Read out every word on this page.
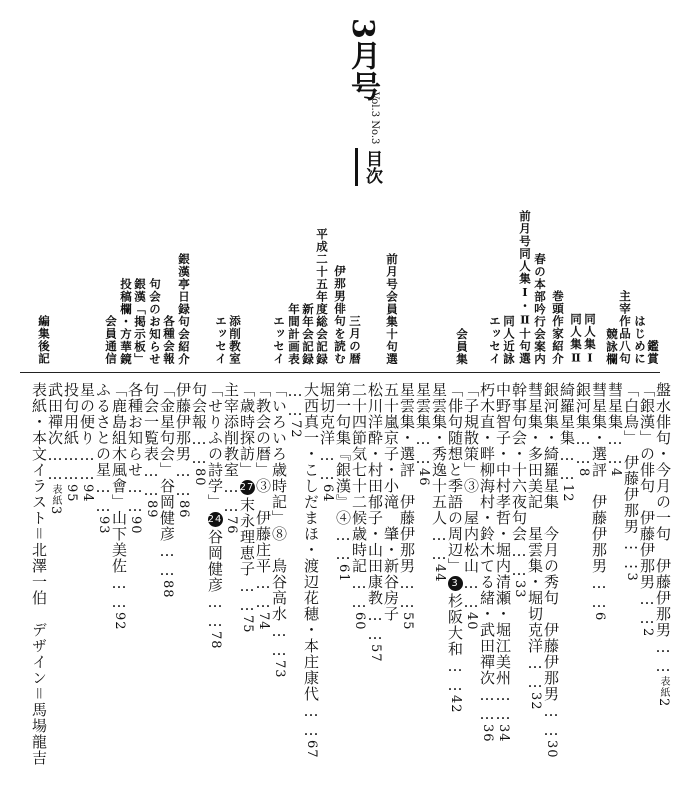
3月号
Vol.3 No.3
目次
鑑賞
はじめに
主宰作品八句
競詠欄
同人集Ⅰ
同人集Ⅱ
巻頭作家紹介
春の本部吟行会案内
前月号同人集Ⅰ・Ⅱ十句選
同人近詠
エッセイ
会員集
前月号会員集十句選
三月の暦
伊那男俳句を読む
平成二十五年度総会記録
新年会記録
年間計画表
エッセイ
添削教室
エッセイ
銀漢亭日録句会紹介
各種会報
句会のお知らせ
銀漢「掲示板」
投稿欄・方華鏡
会員通信
編集後記
盤水俳句・今月の一句　伊藤伊那男……表紙2
「銀漢」の俳句　伊藤伊那男……2
「白鳥」　伊藤伊那男……3
彗星集……4
彗星集・選評　伊藤伊那男……6
銀河集……8
綺羅星集……12
銀河集・綺羅星集　今月の秀句　伊藤伊那男……30
彗星集・多田美記　星雲集・堀切克洋……32
幹事句会・十六夜句会……33
中野智子・中村孝哲・堀内清瀬・堀江美州……34
朽木直・畔柳海村・鈴木てる緒・武田禪次……36
「子規散策」③　屋内松山……40
「俳句随想と季語の周辺」3杉阪大和……42
星雲集・秀逸十五人……44
星雲集……46
星雲集・選評　伊藤伊那男……55
五十嵐京子・小滝　肇・新谷房子
松川洋酔・村田郁子・山田康教……57
二十四節気七十二候歳時記……60
第一句集『銀漢』④……61
堀切克洋……64
大西真一・こしだまほ・渡辺花穂・本庄康代……67
……72
「いろいろ歳時記」⑧　鳥谷高水……73
「教会の暦」③　伊藤庄平……74
「歳時探訪」27末永理恵子……75
主宰添削教室……76
「せりふの詩学」24谷岡健彦……78
句会報……80
伊藤伊那男……86
「金星句会」谷岡健彦……88
句会一覧表……89
各種お知らせ……90
「鹿島組木風會」山下美佐……92
ふるさとの星……93
星の便り……94
投句用紙……95
武田禪次……表紙3
表紙・本文イラスト＝北澤一伯　デザイン＝馬場龍吉
